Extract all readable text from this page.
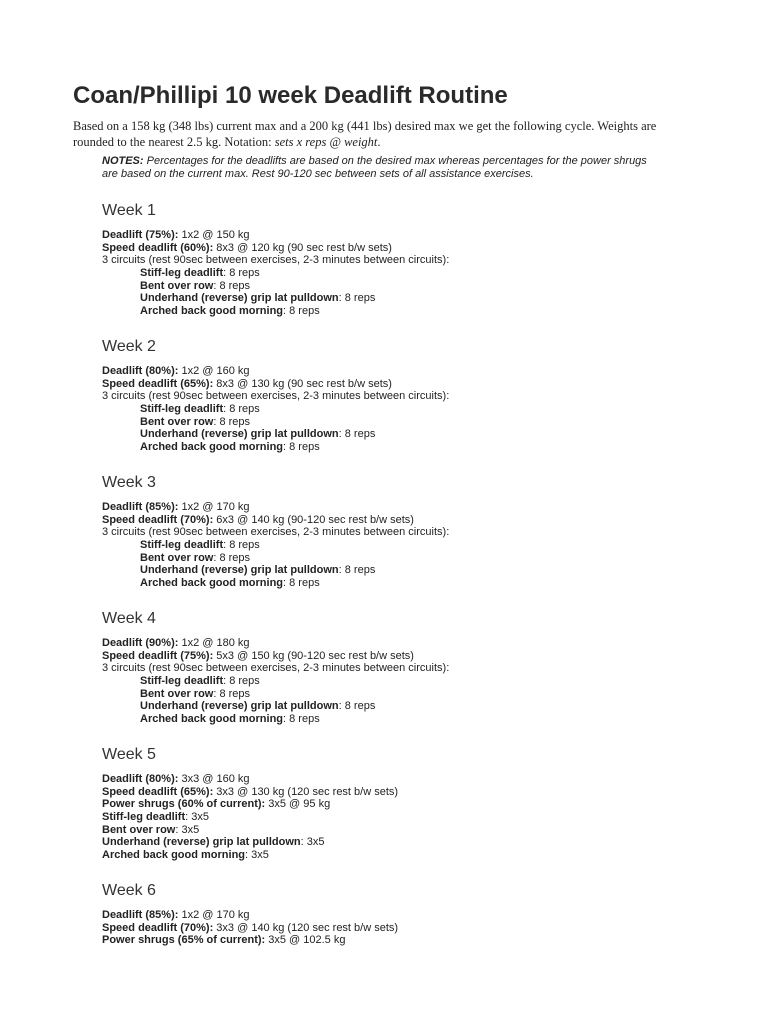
Coan/Phillipi 10 week Deadlift Routine

Based on a 158 kg (348 lbs) current max and a 200 kg (441 lbs) desired max we get the following cycle. Weights are rounded to the nearest 2.5 kg. Notation: sets x reps @ weight.

NOTES: Percentages for the deadlifts are based on the desired max whereas percentages for the power shrugs are based on the current max. Rest 90-120 sec between sets of all assistance exercises.

Week 1
Deadlift (75%): 1x2 @ 150 kg
Speed deadlift (60%): 8x3 @ 120 kg (90 sec rest b/w sets)
3 circuits (rest 90sec between exercises, 2-3 minutes between circuits):
Stiff-leg deadlift: 8 reps
Bent over row: 8 reps
Underhand (reverse) grip lat pulldown: 8 reps
Arched back good morning: 8 reps
Week 2
Deadlift (80%): 1x2 @ 160 kg
Speed deadlift (65%): 8x3 @ 130 kg (90 sec rest b/w sets)
3 circuits (rest 90sec between exercises, 2-3 minutes between circuits):
Stiff-leg deadlift: 8 reps
Bent over row: 8 reps
Underhand (reverse) grip lat pulldown: 8 reps
Arched back good morning: 8 reps
Week 3
Deadlift (85%): 1x2 @ 170 kg
Speed deadlift (70%): 6x3 @ 140 kg (90-120 sec rest b/w sets)
3 circuits (rest 90sec between exercises, 2-3 minutes between circuits):
Stiff-leg deadlift: 8 reps
Bent over row: 8 reps
Underhand (reverse) grip lat pulldown: 8 reps
Arched back good morning: 8 reps
Week 4
Deadlift (90%): 1x2 @ 180 kg
Speed deadlift (75%): 5x3 @ 150 kg (90-120 sec rest b/w sets)
3 circuits (rest 90sec between exercises, 2-3 minutes between circuits):
Stiff-leg deadlift: 8 reps
Bent over row: 8 reps
Underhand (reverse) grip lat pulldown: 8 reps
Arched back good morning: 8 reps
Week 5
Deadlift (80%): 3x3 @ 160 kg
Speed deadlift (65%): 3x3 @ 130 kg (120 sec rest b/w sets)
Power shrugs (60% of current): 3x5 @ 95 kg
Stiff-leg deadlift: 3x5
Bent over row: 3x5
Underhand (reverse) grip lat pulldown: 3x5
Arched back good morning: 3x5
Week 6
Deadlift (85%): 1x2 @ 170 kg
Speed deadlift (70%): 3x3 @ 140 kg (120 sec rest b/w sets)
Power shrugs (65% of current): 3x5 @ 102.5 kg
